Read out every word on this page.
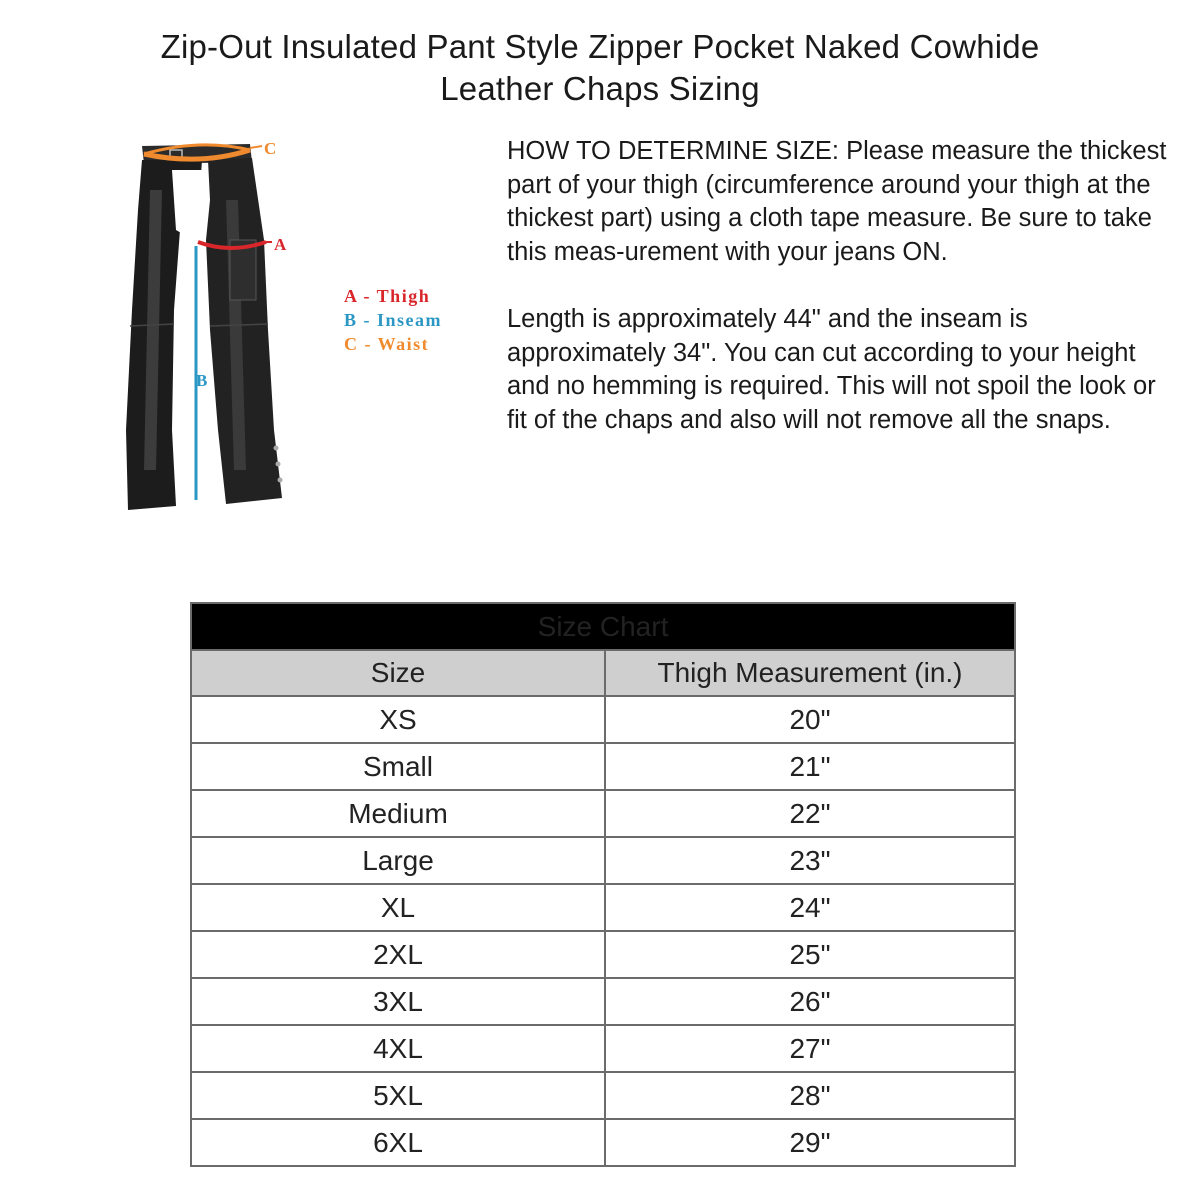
Zip-Out Insulated Pant Style Zipper Pocket Naked Cowhide
Leather Chaps Sizing
C
A
B
A - Thigh
B - Inseam
C - Waist

HOW TO DETERMINE SIZE: Please measure the thickest part of your thigh (circumference around your thigh at the thickest part) using a cloth tape measure. Be sure to take this meas-urement with your jeans ON.

Length is approximately 44" and the inseam is approximately 34". You can cut according to your height and no hemming is required. This will not spoil the look or fit of the chaps and also will not remove all the snaps.

Size Chart	
Size	Thigh Measurement (in.)
XS	20"
Small	21"
Medium	22"
Large	23"
XL	24"
2XL	25"
3XL	26"
4XL	27"
5XL	28"
6XL	29"
